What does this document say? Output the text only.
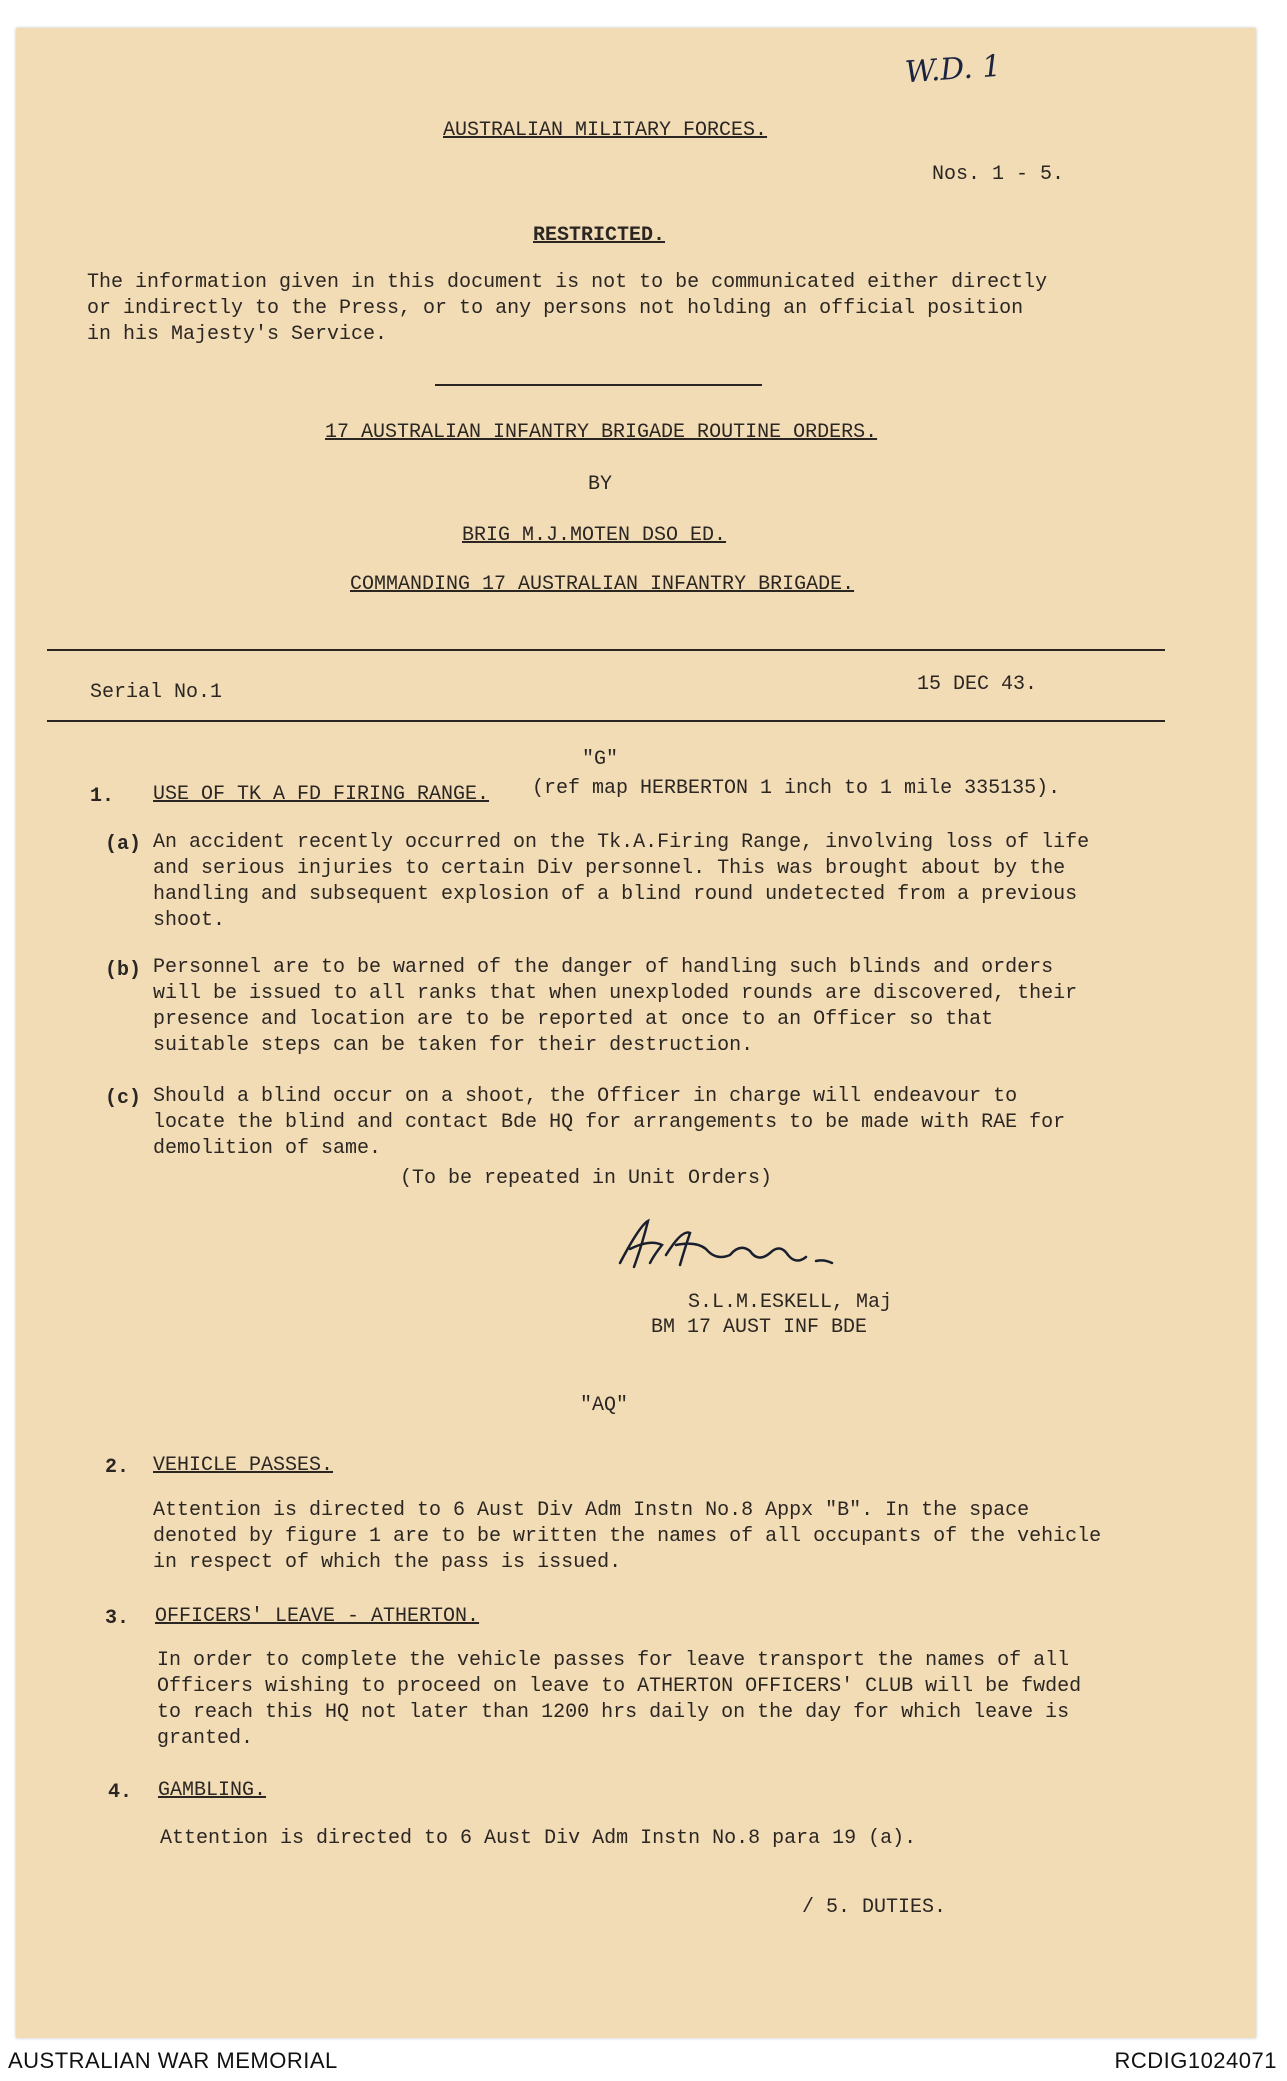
W.D. 1
AUSTRALIAN MILITARY FORCES.
Nos. 1 - 5.
RESTRICTED.
The information given in this document is not to be communicated either directly
or indirectly to the Press, or to any persons not holding an official position
in his Majesty's Service.
17 AUSTRALIAN INFANTRY BRIGADE ROUTINE ORDERS.
BY
BRIG M.J.MOTEN DSO ED.
COMMANDING 17 AUSTRALIAN INFANTRY BRIGADE.
Serial No.1	15 DEC 43.
"G"
1. USE OF TK A FD FIRING RANGE. (ref map HERBERTON 1 inch to 1 mile 335135).
(a) An accident recently occurred on the Tk.A.Firing Range, involving loss of life
and serious injuries to certain Div personnel. This was brought about by the
handling and subsequent explosion of a blind round undetected from a previous
shoot.
(b) Personnel are to be warned of the danger of handling such blinds and orders
will be issued to all ranks that when unexploded rounds are discovered, their
presence and location are to be reported at once to an Officer so that
suitable steps can be taken for their destruction.
(c) Should a blind occur on a shoot, the Officer in charge will endeavour to
locate the blind and contact Bde HQ for arrangements to be made with RAE for
demolition of same.
(To be repeated in Unit Orders)
S.L.M.ESKELL, Maj
BM 17 AUST INF BDE
"AQ"
2. VEHICLE PASSES.
Attention is directed to 6 Aust Div Adm Instn No.8 Appx "B". In the space
denoted by figure 1 are to be written the names of all occupants of the vehicle
in respect of which the pass is issued.
3. OFFICERS' LEAVE - ATHERTON.
In order to complete the vehicle passes for leave transport the names of all
Officers wishing to proceed on leave to ATHERTON OFFICERS' CLUB will be fwded
to reach this HQ not later than 1200 hrs daily on the day for which leave is
granted.
4. GAMBLING.
Attention is directed to 6 Aust Div Adm Instn No.8 para 19 (a).
/ 5. DUTIES.
AUSTRALIAN WAR MEMORIAL	RCDIG1024071
